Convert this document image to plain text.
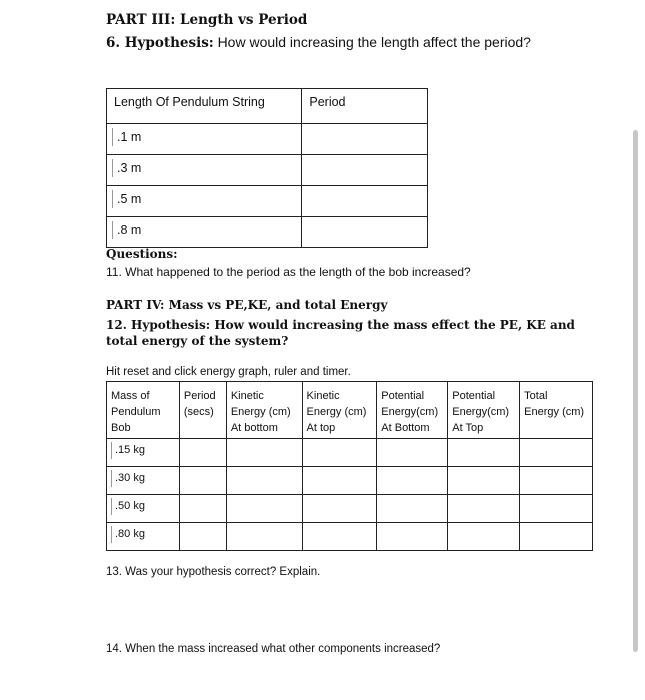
PART III: Length vs Period
6. Hypothesis: How would increasing the length affect the period?
Length Of Pendulum String	Period
.1 m	
.3 m	
.5 m	
.8 m	
Questions:
11. What happened to the period as the length of the bob increased?
PART IV: Mass vs PE,KE, and total Energy
12. Hypothesis: How would increasing the mass effect the PE, KE and total energy of the system?
Hit reset and click energy graph, ruler and timer.
Mass of
Pendulum
Bob	Period
(secs)	Kinetic
Energy (cm)
At bottom	Kinetic
Energy (cm)
At top	Potential
Energy(cm)
At Bottom	Potential
Energy(cm)
At Top	Total
Energy (cm)
.15 kg						
.30 kg						
.50 kg						
.80 kg						
13. Was your hypothesis correct? Explain.
14. When the mass increased what other components increased?
